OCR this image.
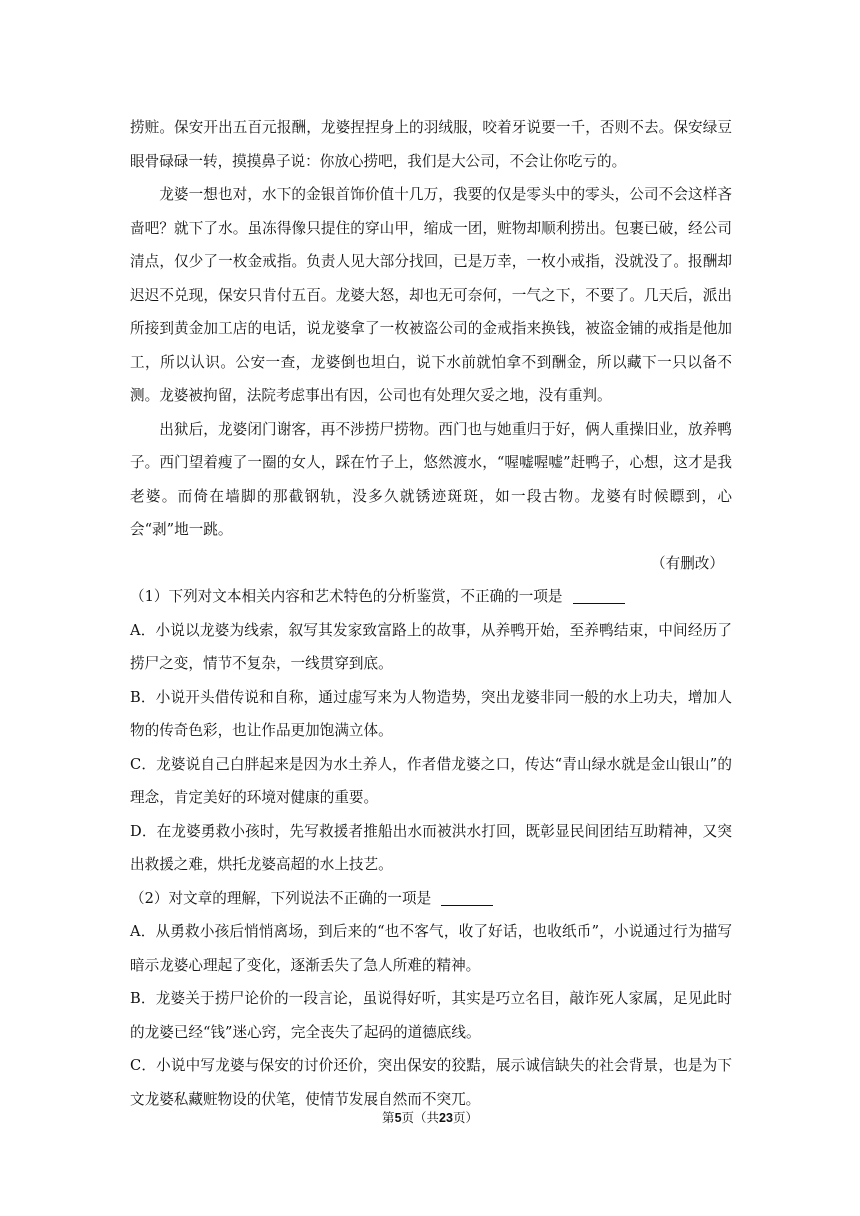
捞赃。保安开出五百元报酬，龙婆捏捏身上的羽绒服，咬着牙说要一千，否则不去。保安绿豆眼骨碌碌一转，摸摸鼻子说：你放心捞吧，我们是大公司，不会让你吃亏的。

龙婆一想也对，水下的金银首饰价值十几万，我要的仅是零头中的零头，公司不会这样吝啬吧？就下了水。虽冻得像只提住的穿山甲，缩成一团，赃物却顺利捞出。包裹已破，经公司清点，仅少了一枚金戒指。负责人见大部分找回，已是万幸，一枚小戒指，没就没了。报酬却迟迟不兑现，保安只肯付五百。龙婆大怒，却也无可奈何，一气之下，不要了。几天后，派出所接到黄金加工店的电话，说龙婆拿了一枚被盗公司的金戒指来换钱，被盗金铺的戒指是他加工，所以认识。公安一查，龙婆倒也坦白，说下水前就怕拿不到酬金，所以藏下一只以备不测。龙婆被拘留，法院考虑事出有因，公司也有处理欠妥之地，没有重判。

出狱后，龙婆闭门谢客，再不涉捞尸捞物。西门也与她重归于好，俩人重操旧业，放养鸭子。西门望着瘦了一圈的女人，踩在竹子上，悠然渡水，“喔嘘喔嘘”赶鸭子，心想，这才是我老婆。而倚在墙脚的那截钢轨，没多久就锈迹斑斑，如一段古物。龙婆有时候瞟到，心会“剥”地一跳。

（有删改）

（1）下列对文本相关内容和艺术特色的分析鉴赏，不正确的一项是

A．小说以龙婆为线索，叙写其发家致富路上的故事，从养鸭开始，至养鸭结束，中间经历了捞尸之变，情节不复杂，一线贯穿到底。

B．小说开头借传说和自称，通过虚写来为人物造势，突出龙婆非同一般的水上功夫，增加人物的传奇色彩，也让作品更加饱满立体。

C．龙婆说自己白胖起来是因为水土养人，作者借龙婆之口，传达“青山绿水就是金山银山”的理念，肯定美好的环境对健康的重要。

D．在龙婆勇救小孩时，先写救援者推船出水而被洪水打回，既彰显民间团结互助精神，又突出救援之难，烘托龙婆高超的水上技艺。

（2）对文章的理解，下列说法不正确的一项是

A．从勇救小孩后悄悄离场，到后来的“也不客气，收了好话，也收纸币”，小说通过行为描写暗示龙婆心理起了变化，逐渐丢失了急人所难的精神。

B．龙婆关于捞尸论价的一段言论，虽说得好听，其实是巧立名目，敲诈死人家属，足见此时的龙婆已经“钱”迷心窍，完全丧失了起码的道德底线。

C．小说中写龙婆与保安的讨价还价，突出保安的狡黠，展示诚信缺失的社会背景，也是为下文龙婆私藏赃物设的伏笔，使情节发展自然而不突兀。

第5页（共23页）
